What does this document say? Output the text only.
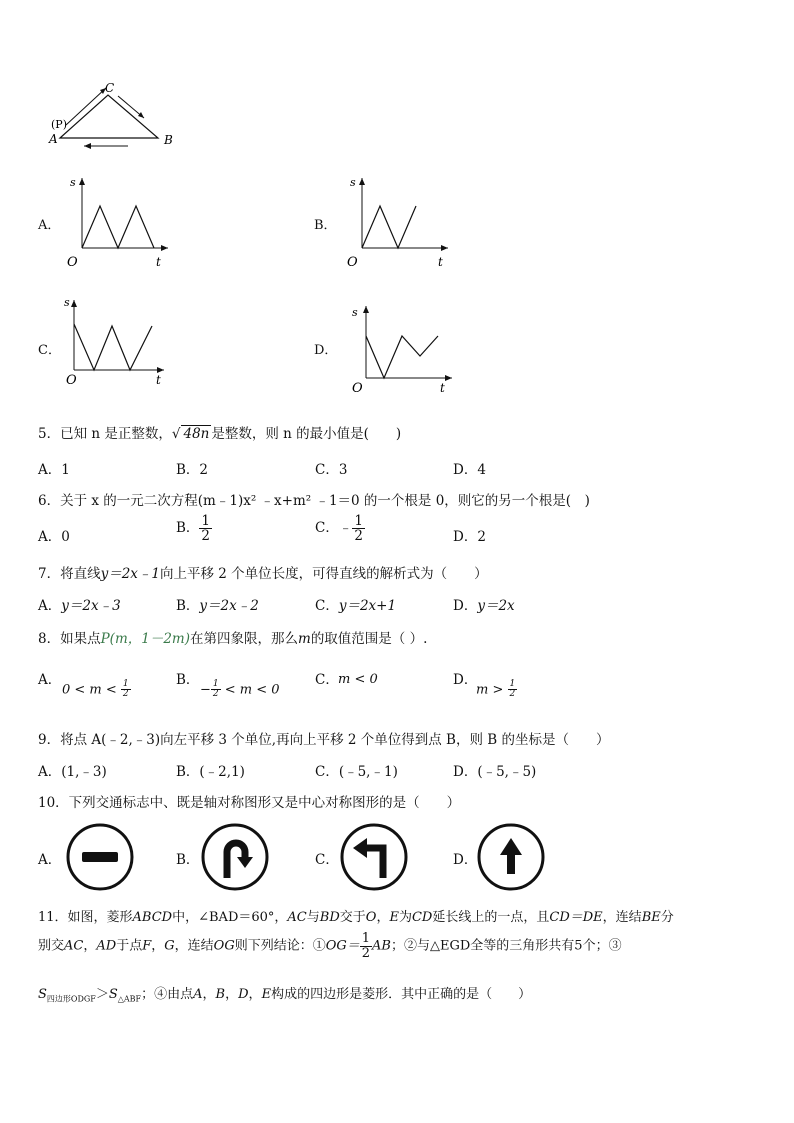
C
(P)
A	B
A．
s
t
O
B．
s
t
O
C．
s
t
O
D．
s
t
O
5．已知 n 是正整数，√ 48n 是整数，则 n 的最小值是(　　)
A．1	B．2	C．3	D．4
6．关于 x 的一元二次方程(m﹣1)x² ﹣x+m² ﹣1＝0 的一个根是 0，则它的另一个根是(　)
A．0
B． $\frac{1}{2}$	C．﹣ $\frac{1}{2}$	D．2
7．将直线y＝2x﹣1向上平移 2 个单位长度，可得直线的解析式为（　　）
A．y＝2x﹣3	B．y＝2x﹣2	C．y＝2x+1	D．y＝2x
8．如果点P(m，1－2m)在第四象限，那么m的取值范围是（ ）.
A．
$0 < m < \frac{1}{2}$	B．
− $\frac{1}{2} < m < 0$
C． m < 0	D．
$m > \frac{1}{2}$
9．将点 A(﹣2,﹣3)向左平移 3 个单位,再向上平移 2 个单位得到点 B，则 B 的坐标是（　　）
A．(1,﹣3)	B．(﹣2,1)	C．(﹣5,﹣1)	D．(﹣5,﹣5)
10．下列交通标志中、既是轴对称图形又是中心对称图形的是（　　）
A．	B．	C．	D．
11．如图，菱形ABCD中，∠BAD＝60°，AC与BD交于O，E为CD延长线上的一点，且CD＝DE，连结BE分
别交AC，AD于点F，G，连结OG则下列结论：①OG＝ $\frac{1}{2}$ AB；②与△EGD全等的三角形共有5个；③
$S_{四边形ODGF}>S_{\triangle ABF}$；④由点A，B，D，E构成的四边形是菱形．其中正确的是（　　）
